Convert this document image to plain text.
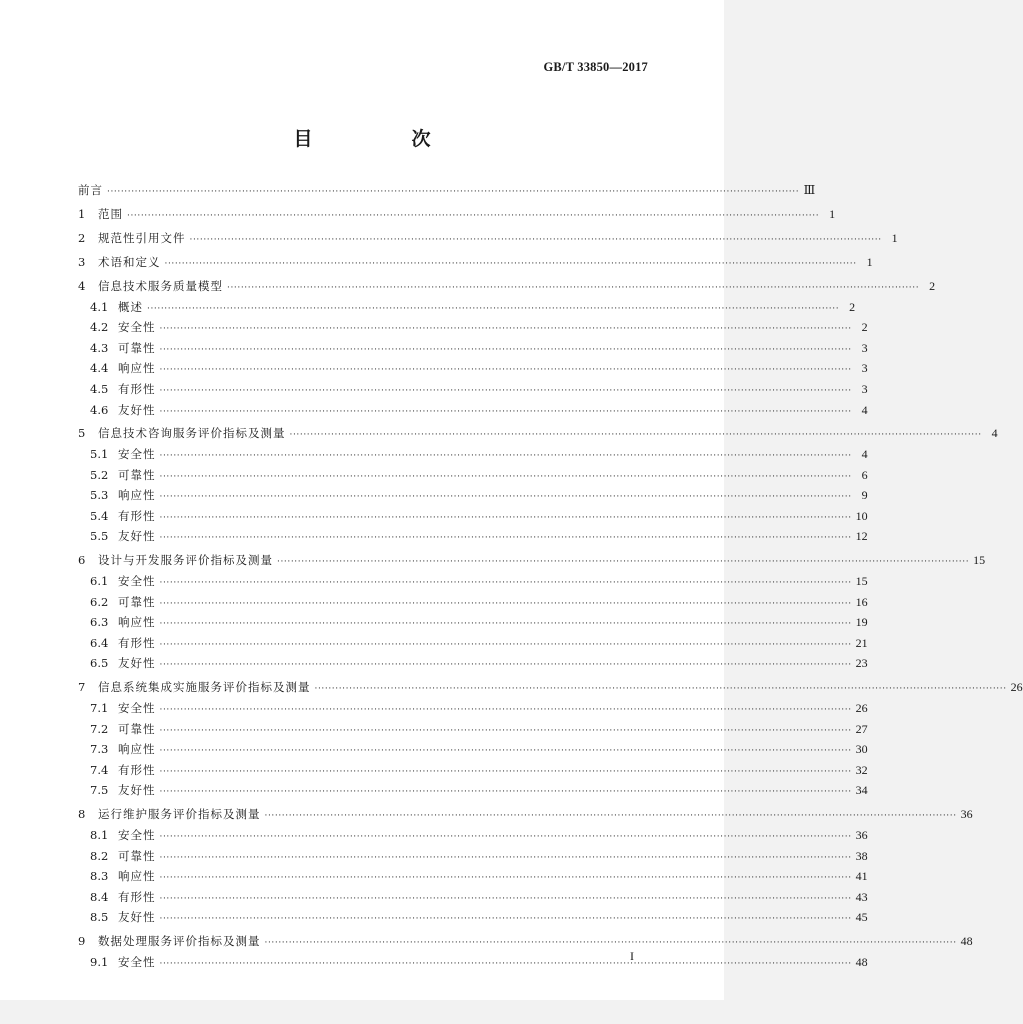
GB/T 33850—2017
目　次
前言 ········································································································································································································ Ⅲ
1	范围 ········································································································································································································ 1
2	规范性引用文件 ········································································································································································································ 1
3	术语和定义 ········································································································································································································ 1
4	信息技术服务质量模型 ········································································································································································································ 2
4.1 概述 ········································································································································································································ 2
4.2 安全性 ········································································································································································································ 2
4.3 可靠性 ········································································································································································································ 3
4.4 响应性 ········································································································································································································ 3
4.5 有形性 ········································································································································································································ 3
4.6 友好性 ········································································································································································································ 4
5	信息技术咨询服务评价指标及测量 ········································································································································································································ 4
5.1 安全性 ········································································································································································································ 4
5.2 可靠性 ········································································································································································································ 6
5.3 响应性 ········································································································································································································ 9
5.4 有形性 ········································································································································································································ 10
5.5 友好性 ········································································································································································································ 12
6	设计与开发服务评价指标及测量 ········································································································································································································ 15
6.1 安全性 ········································································································································································································ 15
6.2 可靠性 ········································································································································································································ 16
6.3 响应性 ········································································································································································································ 19
6.4 有形性 ········································································································································································································ 21
6.5 友好性 ········································································································································································································ 23
7	信息系统集成实施服务评价指标及测量 ········································································································································································································ 26
7.1 安全性 ········································································································································································································ 26
7.2 可靠性 ········································································································································································································ 27
7.3 响应性 ········································································································································································································ 30
7.4 有形性 ········································································································································································································ 32
7.5 友好性 ········································································································································································································ 34
8	运行维护服务评价指标及测量 ········································································································································································································ 36
8.1 安全性 ········································································································································································································ 36
8.2 可靠性 ········································································································································································································ 38
8.3 响应性 ········································································································································································································ 41
8.4 有形性 ········································································································································································································ 43
8.5 友好性 ········································································································································································································ 45
9	数据处理服务评价指标及测量 ········································································································································································································ 48
9.1 安全性 ········································································································································································································ 48
I
